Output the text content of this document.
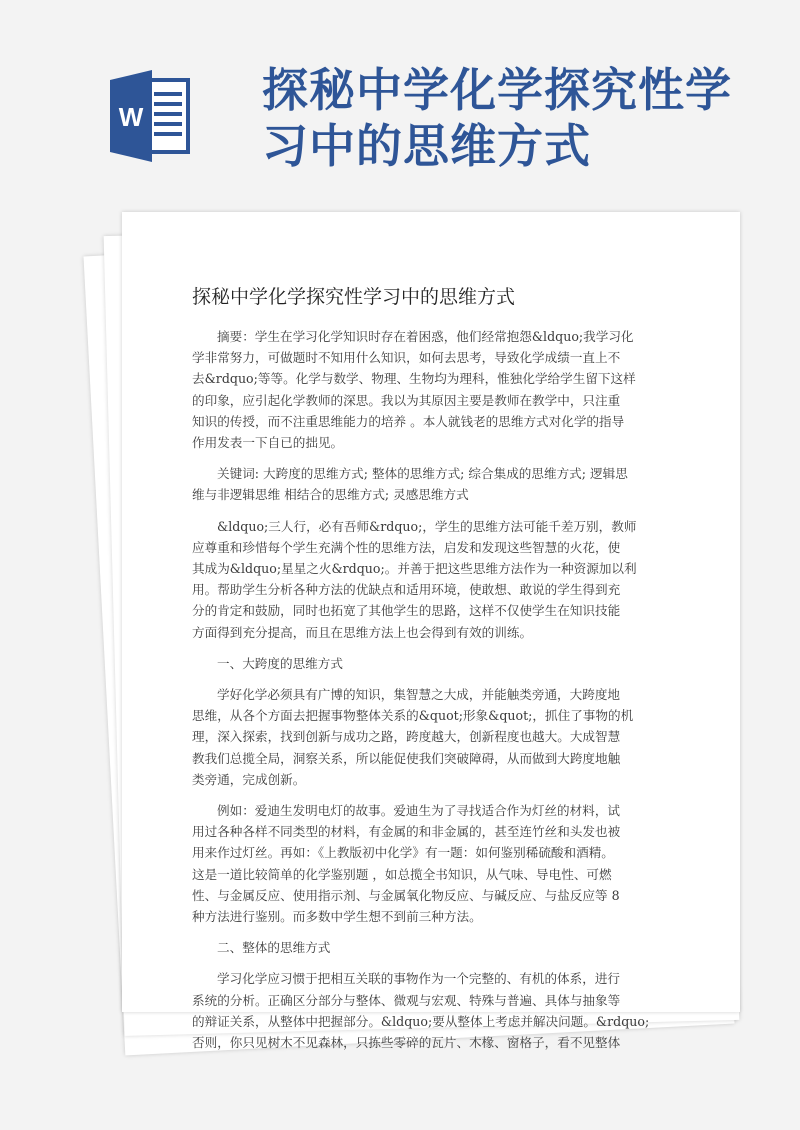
W	探秘中学化学探究性学
习中的思维方式
探秘中学化学探究性学习中的思维方式
摘要：学生在学习化学知识时存在着困惑，他们经常抱怨&ldquo;我学习化
学非常努力，可做题时不知用什么知识，如何去思考，导致化学成绩一直上不
去&rdquo;等等。化学与数学、物理、生物均为理科，惟独化学给学生留下这样
的印象，应引起化学教师的深思。我以为其原因主要是教师在教学中，只注重
知识的传授，而不注重思维能力的培养 。本人就钱老的思维方式对化学的指导
作用发表一下自已的拙见。
关键词: 大跨度的思维方式; 整体的思维方式; 综合集成的思维方式; 逻辑思
维与非逻辑思维 相结合的思维方式; 灵感思维方式
&ldquo;三人行，必有吾师&rdquo;，学生的思维方法可能千差万别，教师
应尊重和珍惜每个学生充满个性的思维方法，启发和发现这些智慧的火花，使
其成为&ldquo;星星之火&rdquo;。并善于把这些思维方法作为一种资源加以利
用。帮助学生分析各种方法的优缺点和适用环境，使敢想、敢说的学生得到充
分的肯定和鼓励，同时也拓宽了其他学生的思路，这样不仅使学生在知识技能
方面得到充分提高，而且在思维方法上也会得到有效的训练。
一、大跨度的思维方式
学好化学必须具有广博的知识，集智慧之大成，并能触类旁通，大跨度地
思维，从各个方面去把握事物整体关系的&quot;形象&quot;，抓住了事物的机
理，深入探索，找到创新与成功之路，跨度越大，创新程度也越大。大成智慧
教我们总揽全局，洞察关系，所以能促使我们突破障碍，从而做到大跨度地触
类旁通，完成创新。
例如：爱迪生发明电灯的故事。爱迪生为了寻找适合作为灯丝的材料，试
用过各种各样不同类型的材料，有金属的和非金属的，甚至连竹丝和头发也被
用来作过灯丝。再如：《上教版初中化学》有一题：如何鉴别稀硫酸和酒精。
这是一道比较简单的化学鉴别题 ，如总揽全书知识，从气味、导电性、可燃
性、与金属反应、使用指示剂、与金属氧化物反应、与碱反应、与盐反应等 8
种方法进行鉴别。而多数中学生想不到前三种方法。
二、整体的思维方式
学习化学应习惯于把相互关联的事物作为一个完整的、有机的体系，进行
系统的分析。正确区分部分与整体、微观与宏观、特殊与普遍、具体与抽象等
的辩证关系，从整体中把握部分。&ldquo;要从整体上考虑并解决问题。&rdquo;
否则，你只见树木不见森林，只拣些零碎的瓦片、木椽、窗格子，看不见整体
